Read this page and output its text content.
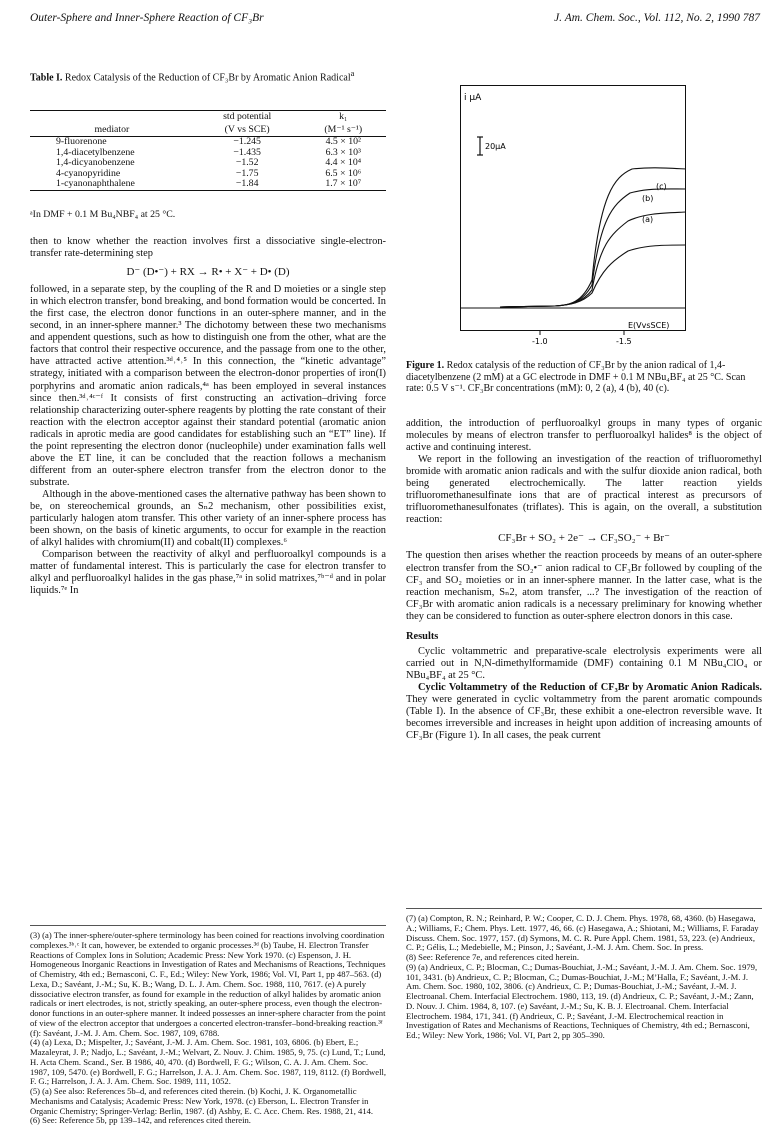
Outer-Sphere and Inner-Sphere Reaction of CF₃Br	J. Am. Chem. Soc., Vol. 112, No. 2, 1990 787
Table I. Redox Catalysis of the Reduction of CF₃Br by Aromatic Anion Radical$^a$
mediator	std potential	k₁
	(V vs SCE)	(M⁻¹ s⁻¹)
9-fluorenone	−1.245	4.5 × 10²
1,4-diacetylbenzene	−1.435	6.3 × 10³
1,4-dicyanobenzene	−1.52	4.4 × 10⁴
4-cyanopyridine	−1.75	6.5 × 10⁶
1-cyanonaphthalene	−1.84	1.7 × 10⁷
ᵃIn DMF + 0.1 M Bu₄NBF₄ at 25 °C.

then to know whether the reaction involves first a dissociative single-electron-transfer rate-determining step

D⁻ (D•⁻) + RX → R• + X⁻ + D• (D)

followed, in a separate step, by the coupling of the R and D moieties or a single step in which electron transfer, bond breaking, and bond formation would be concerted. In the first case, the electron donor functions in an outer-sphere manner, and in the second, in an inner-sphere manner.³ The dichotomy between these two mechanisms and appendent questions, such as how to distinguish one from the other, what are the factors that control their respective occurence, and the passage from one to the other, have attracted active attention.³ᵈ˒⁴˒⁵ In this connection, the “kinetic advantage” strategy, initiated with a comparison between the electron-donor properties of iron(I) porphyrins and aromatic anion radicals,⁴ᵃ has been employed in several instances since then.³ᵈ˒⁴ᶜ⁻ᶠ It consists of first constructing an activation–driving force relationship characterizing outer-sphere reagents by plotting the rate constant of their reaction with the electron acceptor against their standard potential (aromatic anion radicals in aprotic media are good candidates for establishing such an “ET” line). If the point representing the electron donor (nucleophile) under examination falls well above the ET line, it can be concluded that the reaction follows a mechanism different from an outer-sphere electron transfer from the electron donor to the substrate.

Although in the above-mentioned cases the alternative pathway has been shown to be, on stereochemical grounds, an Sₙ2 mechanism, other possibilities exist, particularly halogen atom transfer. This other variety of an inner-sphere process has been shown, on the basis of kinetic arguments, to occur for example in the reaction of alkyl halides with chromium(II) and cobalt(II) complexes.⁶

Comparison between the reactivity of alkyl and perfluoroalkyl compounds is a matter of fundamental interest. This is particularly the case for electron transfer to alkyl and perfluoroalkyl halides in the gas phase,⁷ᵃ in solid matrixes,⁷ᵇ⁻ᵈ and in polar liquids.⁷ᵉ In

(3) (a) The inner-sphere/outer-sphere terminology has been coined for reactions involving coordination complexes.³ᵇ˒ᶜ It can, however, be extended to organic processes.³ᵈ (b) Taube, H. Electron Transfer Reactions of Complex Ions in Solution; Academic Press: New York 1970. (c) Espenson, J. H. Homogeneous Inorganic Reactions in Investigation of Rates and Mechanisms of Reactions, Techniques of Chemistry, 4th ed.; Bernasconi, C. F., Ed.; Wiley: New York, 1986; Vol. VI, Part 1, pp 487–563. (d) Lexa, D.; Savéant, J.-M.; Su, K. B.; Wang, D. L. J. Am. Chem. Soc. 1988, 110, 7617. (e) A purely dissociative electron transfer, as found for example in the reduction of alkyl halides by aromatic anion radicals or inert electrodes, is not, strictly speaking, an outer-sphere process, even though the electron-donor functions in an outer-sphere manner. It indeed possesses an inner-sphere character from the point of view of the electron acceptor that undergoes a concerted electron-transfer–bond-breaking reaction.³ᶠ (f): Savéant, J.-M. J. Am. Chem. Soc. 1987, 109, 6788.

(4) (a) Lexa, D.; Mispelter, J.; Savéant, J.-M. J. Am. Chem. Soc. 1981, 103, 6806. (b) Ebert, E.; Mazaleyrat, J. P.; Nadjo, L.; Savéant, J.-M.; Welvart, Z. Nouv. J. Chim. 1985, 9, 75. (c) Lund, T.; Lund, H. Acta Chem. Scand., Ser. B 1986, 40, 470. (d) Bordwell, F. G.; Wilson, C. A. J. Am. Chem. Soc. 1987, 109, 5470. (e) Bordwell, F. G.; Harrelson, J. A. J. Am. Chem. Soc. 1987, 119, 8112. (f) Bordwell, F. G.; Harrelson, J. A. J. Am. Chem. Soc. 1989, 111, 1052.

(5) (a) See also: References 5b–d, and references cited therein. (b) Kochi, J. K. Organometallic Mechanisms and Catalysis; Academic Press: New York, 1978. (c) Eberson, L. Electron Transfer in Organic Chemistry; Springer-Verlag: Berlin, 1987. (d) Ashby, E. C. Acc. Chem. Res. 1988, 21, 414.

(6) See: Reference 5b, pp 139–142, and references cited therein.

i μA
20μA
(c)
(b)
(a)
E(VvsSCE)
-1.0	-1.5
Figure 1. Redox catalysis of the reduction of CF₃Br by the anion radical of 1,4-diacetylbenzene (2 mM) at a GC electrode in DMF + 0.1 M NBu₄BF₄ at 25 °C. Scan rate: 0.5 V s⁻¹. CF₃Br concentrations (mM): 0, 2 (a), 4 (b), 40 (c).

addition, the introduction of perfluoroalkyl groups in many types of organic molecules by means of electron transfer to perfluoroalkyl halides⁸ is the object of active and continuing interest.

We report in the following an investigation of the reaction of trifluoromethyl bromide with aromatic anion radicals and with the sulfur dioxide anion radical, both being generated electrochemically. The latter reaction yields trifluoromethanesulfinate ions that are of practical interest as precursors of trifluoromethanesulfonates (triflates). This is again, on the overall, a substitution reaction:

CF₃Br + SO₂ + 2e⁻ → CF₃SO₂⁻ + Br⁻

The question then arises whether the reaction proceeds by means of an outer-sphere electron transfer from the SO₂•⁻ anion radical to CF₃Br followed by coupling of the CF₃ and SO₂ moieties or in an inner-sphere manner. In the latter case, what is the reaction mechanism, Sₙ2, atom transfer, ...? The investigation of the reaction of CF₃Br with aromatic anion radicals is a necessary preliminary for knowing whether they can be considered to function as outer-sphere electron donors in this case.

Results

Cyclic voltammetric and preparative-scale electrolysis experiments were all carried out in N,N-dimethylformamide (DMF) containing 0.1 M NBu₄ClO₄ or NBu₄BF₄ at 25 °C.

Cyclic Voltammetry of the Reduction of CF₃Br by Aromatic Anion Radicals. They were generated in cyclic voltammetry from the parent aromatic compounds (Table I). In the absence of CF₃Br, these exhibit a one-electron reversible wave. It becomes irreversible and increases in height upon addition of increasing amounts of CF₃Br (Figure 1). In all cases, the peak current

(7) (a) Compton, R. N.; Reinhard, P. W.; Cooper, C. D. J. Chem. Phys. 1978, 68, 4360. (b) Hasegawa, A.; Williams, F.; Chem. Phys. Lett. 1977, 46, 66. (c) Hasegawa, A.; Shiotani, M.; Williams, F. Faraday Discuss. Chem. Soc. 1977, 157. (d) Symons, M. C. R. Pure Appl. Chem. 1981, 53, 223. (e) Andrieux, C. P.; Gélis, L.; Medebielle, M.; Pinson, J.; Savéant, J.-M. J. Am. Chem. Soc. In press.

(8) See: Reference 7e, and references cited herein.

(9) (a) Andrieux, C. P.; Blocman, C.; Dumas-Bouchiat, J.-M.; Savéant, J.-M. J. Am. Chem. Soc. 1979, 101, 3431. (b) Andrieux, C. P.; Blocman, C.; Dumas-Bouchiat, J.-M.; M’Halla, F.; Savéant, J.-M. J. Am. Chem. Soc. 1980, 102, 3806. (c) Andrieux, C. P.; Dumas-Bouchiat, J.-M.; Savéant, J.-M. J. Electroanal. Chem. Interfacial Electrochem. 1980, 113, 19. (d) Andrieux, C. P.; Savéant, J.-M.; Zann, D. Nouv. J. Chim. 1984, 8, 107. (e) Savéant, J.-M.; Su, K. B. J. Electroanal. Chem. Interfacial Electrochem. 1984, 171, 341. (f) Andrieux, C. P.; Savéant, J.-M. Electrochemical reaction in Investigation of Rates and Mechanisms of Reactions, Techniques of Chemistry, 4th ed.; Bernasconi, Ed.; Wiley: New York, 1986; Vol. VI, Part 2, pp 305–390.
